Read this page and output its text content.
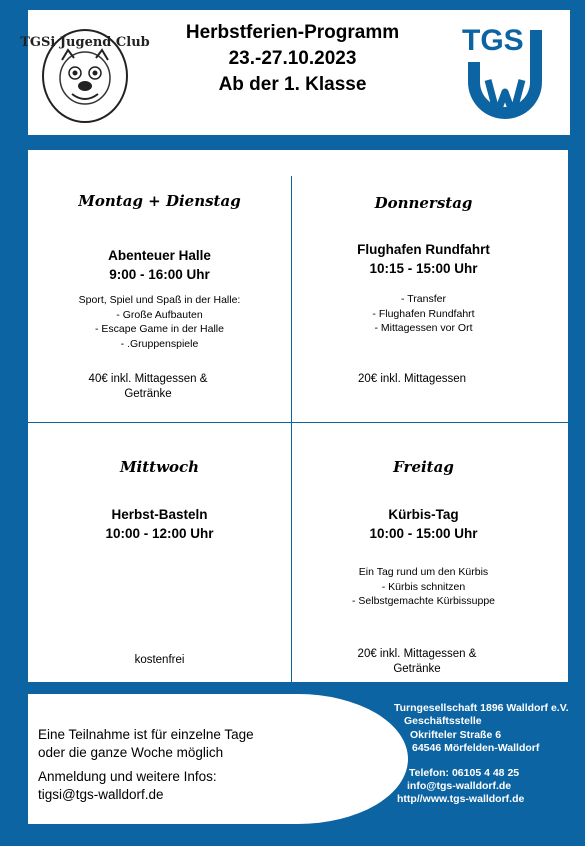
Herbstferien-Programm
23.-27.10.2023
Ab der 1. Klasse
TGSi Jugend Club	TGS
Montag + Dienstag
Abenteuer Halle
9:00 - 16:00 Uhr
Sport, Spiel und Spaß in der Halle:
- Große Aufbauten
- Escape Game in der Halle
- .Gruppenspiele
40€ inkl. Mittagessen &
Getränke
Donnerstag
Flughafen Rundfahrt
10:15 - 15:00 Uhr
- Transfer
- Flughafen Rundfahrt
- Mittagessen vor Ort
20€ inkl. Mittagessen
Mittwoch
Herbst-Basteln
10:00 - 12:00 Uhr
kostenfrei
Freitag
Kürbis-Tag
10:00 - 15:00 Uhr
Ein Tag rund um den Kürbis
- Kürbis schnitzen
- Selbstgemachte Kürbissuppe
20€ inkl. Mittagessen &
Getränke
Eine Teilnahme ist für einzelne Tage
oder die ganze Woche möglich
Anmeldung und weitere Infos:
tigsi@tgs-walldorf.de
Turngesellschaft 1896 Walldorf e.V.
Geschäftsstelle
Okrifteler Straße 6
64546 Mörfelden-Walldorf
Telefon: 06105 4 48 25
info@tgs-walldorf.de
http//www.tgs-walldorf.de
